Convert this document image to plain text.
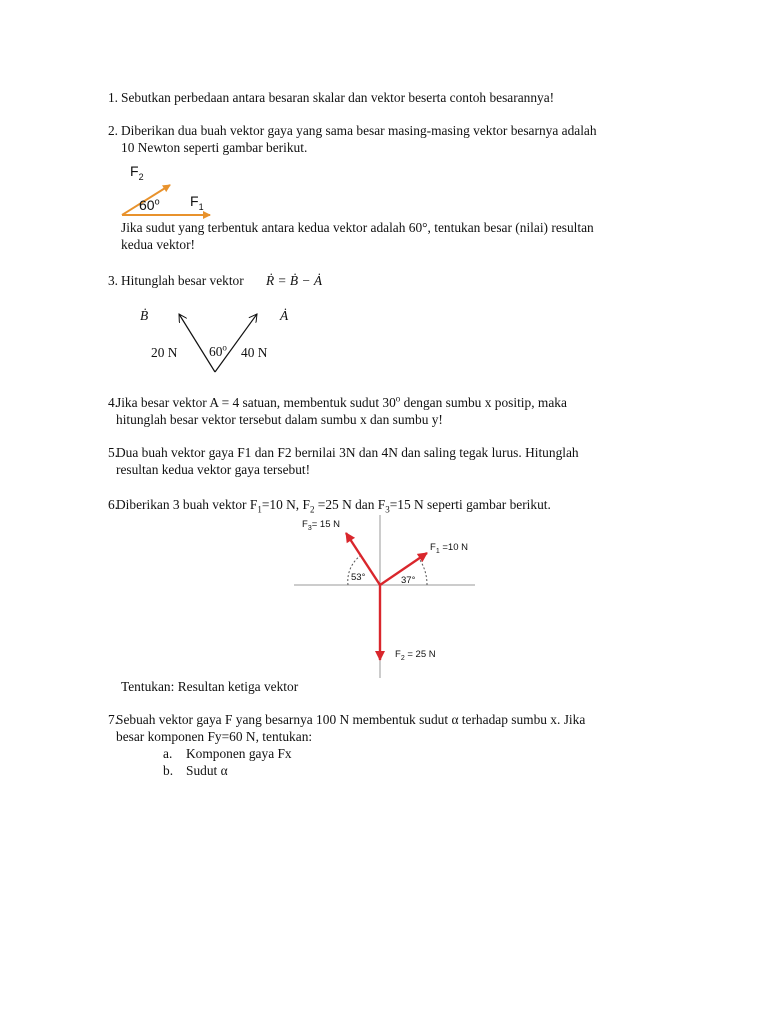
1. Sebutkan perbedaan antara besaran skalar dan vektor beserta contoh besarannya!
2. Diberikan dua buah vektor gaya yang sama besar masing-masing vektor besarnya adalah
10 Newton seperti gambar berikut.
$F_2$
$F_1$
60$^o$
Jika sudut yang terbentuk antara kedua vektor adalah 60°, tentukan besar (nilai) resultan
kedua vektor!
3. Hitunglah besar vektor Ṙ = Ḃ − Ȧ
Ḃ	Ȧ
20 N 60$^o$ 40 N
4.
Jika besar vektor A = 4 satuan, membentuk sudut 30$^o$ dengan sumbu x positip, maka
hitunglah besar vektor tersebut dalam sumbu x dan sumbu y!
5.
Dua buah vektor gaya F1 dan F2 bernilai 3N dan 4N dan saling tegak lurus. Hitunglah
resultan kedua vektor gaya tersebut!
6.
Diberikan 3 buah vektor $F_1=10$ N, $F_2 =25$ N dan $F_3=15$ N seperti gambar berikut.
$F_3= 15$ N
$F_1 =10$ N
$F_2 = 25$ N
53°	37°
Tentukan: Resultan ketiga vektor
7.
Sebuah vektor gaya F yang besarnya 100 N membentuk sudut α terhadap sumbu x. Jika
besar komponen Fy=60 N, tentukan:
a. Komponen gaya Fx
b. Sudut α
